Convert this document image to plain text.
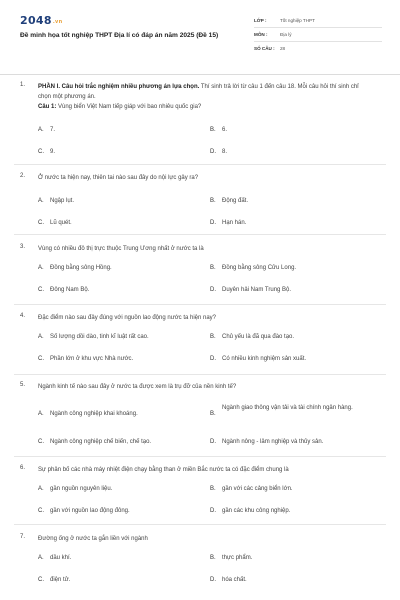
2048.vn
Đề minh họa tốt nghiệp THPT Địa lí có đáp án năm 2025 (Đề 15)
LỚP :	Tốt nghiệp THPT
MÔN :	Địa lý
SỐ CÂU :	28
1.	PHẦN I. Câu hỏi trắc nghiệm nhiều phương án lựa chọn. Thí sinh trả lời từ câu 1 đến câu 18. Mỗi câu hỏi thí sinh chỉ chọn một phương án.
Câu 1: Vùng biển Việt Nam tiếp giáp với bao nhiêu quốc gia?
A. 7.	B. 6.
C. 9.	D. 8.
2.	Ở nước ta hiện nay, thiên tai nào sau đây do nội lực gây ra?
A. Ngập lụt.	B. Động đất.
C. Lũ quét.	D. Hạn hán.
3.	Vùng có nhiều đô thị trực thuộc Trung Ương nhất ở nước ta là
A. Đồng bằng sông Hồng.	B. Đồng bằng sông Cửu Long.
C. Đông Nam Bộ.	D. Duyên hải Nam Trung Bộ.
4.	Đặc điểm nào sau đây đúng với nguồn lao động nước ta hiện nay?
A. Số lượng dồi dào, tinh kĩ luật rất cao.	B. Chủ yếu là đã qua đào tạo.
C. Phần lớn ở khu vực Nhà nước.	D. Có nhiều kinh nghiệm sản xuất.
5.	Ngành kinh tế nào sau đây ở nước ta được xem là trụ đỡ của nền kinh tế?
A. Ngành công nghiệp khai khoáng.	B.
Ngành giao thông vận tải và tài chính ngân hàng.
C. Ngành công nghiệp chế biến, chế tạo.	D. Ngành nông - lâm nghiệp và thủy sản.
6.	Sự phân bố các nhà máy nhiệt điện chạy bằng than ở miền Bắc nước ta có đặc điểm chung là
A. gần nguồn nguyên liệu.	B. gần với các cảng biển lớn.
C. gần với nguồn lao động đông.	D. gần các khu công nghiệp.
7.	Đường ống ở nước ta gắn liền với ngành
A. dầu khí.	B. thực phẩm.
C. điện tử.	D. hóa chất.
